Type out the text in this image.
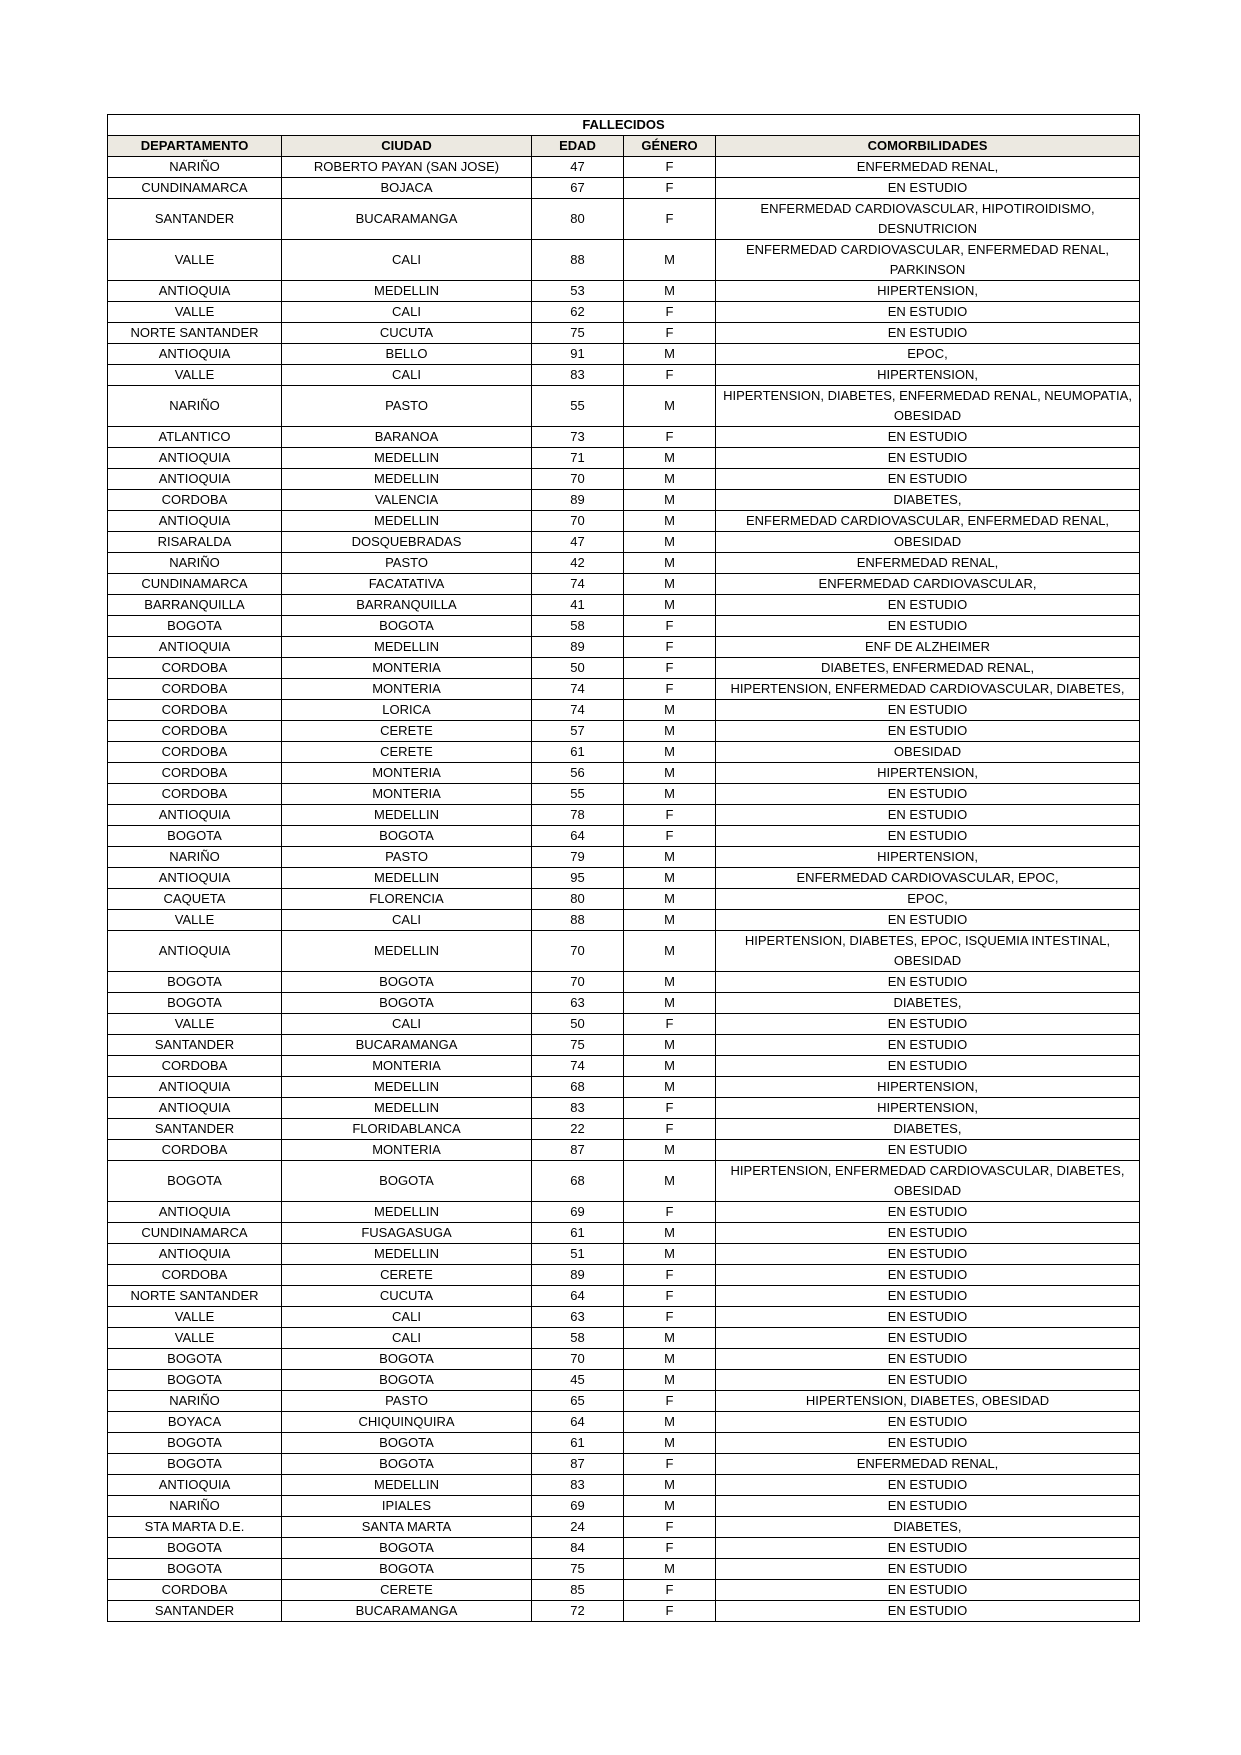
FALLECIDOS				
DEPARTAMENTO	CIUDAD	EDAD	GÉNERO	COMORBILIDADES
NARIÑO	ROBERTO PAYAN (SAN JOSE)	47	F	ENFERMEDAD RENAL,
CUNDINAMARCA	BOJACA	67	F	EN ESTUDIO
SANTANDER	BUCARAMANGA	80	F	ENFERMEDAD CARDIOVASCULAR, HIPOTIROIDISMO, DESNUTRICION
VALLE	CALI	88	M	ENFERMEDAD CARDIOVASCULAR, ENFERMEDAD RENAL, PARKINSON
ANTIOQUIA	MEDELLIN	53	M	HIPERTENSION,
VALLE	CALI	62	F	EN ESTUDIO
NORTE SANTANDER	CUCUTA	75	F	EN ESTUDIO
ANTIOQUIA	BELLO	91	M	EPOC,
VALLE	CALI	83	F	HIPERTENSION,
NARIÑO	PASTO	55	M	HIPERTENSION, DIABETES, ENFERMEDAD RENAL, NEUMOPATIA, OBESIDAD
ATLANTICO	BARANOA	73	F	EN ESTUDIO
ANTIOQUIA	MEDELLIN	71	M	EN ESTUDIO
ANTIOQUIA	MEDELLIN	70	M	EN ESTUDIO
CORDOBA	VALENCIA	89	M	DIABETES,
ANTIOQUIA	MEDELLIN	70	M	ENFERMEDAD CARDIOVASCULAR, ENFERMEDAD RENAL,
RISARALDA	DOSQUEBRADAS	47	M	OBESIDAD
NARIÑO	PASTO	42	M	ENFERMEDAD RENAL,
CUNDINAMARCA	FACATATIVA	74	M	ENFERMEDAD CARDIOVASCULAR,
BARRANQUILLA	BARRANQUILLA	41	M	EN ESTUDIO
BOGOTA	BOGOTA	58	F	EN ESTUDIO
ANTIOQUIA	MEDELLIN	89	F	ENF DE ALZHEIMER
CORDOBA	MONTERIA	50	F	DIABETES, ENFERMEDAD RENAL,
CORDOBA	MONTERIA	74	F	HIPERTENSION, ENFERMEDAD CARDIOVASCULAR, DIABETES,
CORDOBA	LORICA	74	M	EN ESTUDIO
CORDOBA	CERETE	57	M	EN ESTUDIO
CORDOBA	CERETE	61	M	OBESIDAD
CORDOBA	MONTERIA	56	M	HIPERTENSION,
CORDOBA	MONTERIA	55	M	EN ESTUDIO
ANTIOQUIA	MEDELLIN	78	F	EN ESTUDIO
BOGOTA	BOGOTA	64	F	EN ESTUDIO
NARIÑO	PASTO	79	M	HIPERTENSION,
ANTIOQUIA	MEDELLIN	95	M	ENFERMEDAD CARDIOVASCULAR, EPOC,
CAQUETA	FLORENCIA	80	M	EPOC,
VALLE	CALI	88	M	EN ESTUDIO
ANTIOQUIA	MEDELLIN	70	M	HIPERTENSION, DIABETES, EPOC, ISQUEMIA INTESTINAL, OBESIDAD
BOGOTA	BOGOTA	70	M	EN ESTUDIO
BOGOTA	BOGOTA	63	M	DIABETES,
VALLE	CALI	50	F	EN ESTUDIO
SANTANDER	BUCARAMANGA	75	M	EN ESTUDIO
CORDOBA	MONTERIA	74	M	EN ESTUDIO
ANTIOQUIA	MEDELLIN	68	M	HIPERTENSION,
ANTIOQUIA	MEDELLIN	83	F	HIPERTENSION,
SANTANDER	FLORIDABLANCA	22	F	DIABETES,
CORDOBA	MONTERIA	87	M	EN ESTUDIO
BOGOTA	BOGOTA	68	M	HIPERTENSION, ENFERMEDAD CARDIOVASCULAR, DIABETES, OBESIDAD
ANTIOQUIA	MEDELLIN	69	F	EN ESTUDIO
CUNDINAMARCA	FUSAGASUGA	61	M	EN ESTUDIO
ANTIOQUIA	MEDELLIN	51	M	EN ESTUDIO
CORDOBA	CERETE	89	F	EN ESTUDIO
NORTE SANTANDER	CUCUTA	64	F	EN ESTUDIO
VALLE	CALI	63	F	EN ESTUDIO
VALLE	CALI	58	M	EN ESTUDIO
BOGOTA	BOGOTA	70	M	EN ESTUDIO
BOGOTA	BOGOTA	45	M	EN ESTUDIO
NARIÑO	PASTO	65	F	HIPERTENSION, DIABETES, OBESIDAD
BOYACA	CHIQUINQUIRA	64	M	EN ESTUDIO
BOGOTA	BOGOTA	61	M	EN ESTUDIO
BOGOTA	BOGOTA	87	F	ENFERMEDAD RENAL,
ANTIOQUIA	MEDELLIN	83	M	EN ESTUDIO
NARIÑO	IPIALES	69	M	EN ESTUDIO
STA MARTA D.E.	SANTA MARTA	24	F	DIABETES,
BOGOTA	BOGOTA	84	F	EN ESTUDIO
BOGOTA	BOGOTA	75	M	EN ESTUDIO
CORDOBA	CERETE	85	F	EN ESTUDIO
SANTANDER	BUCARAMANGA	72	F	EN ESTUDIO
